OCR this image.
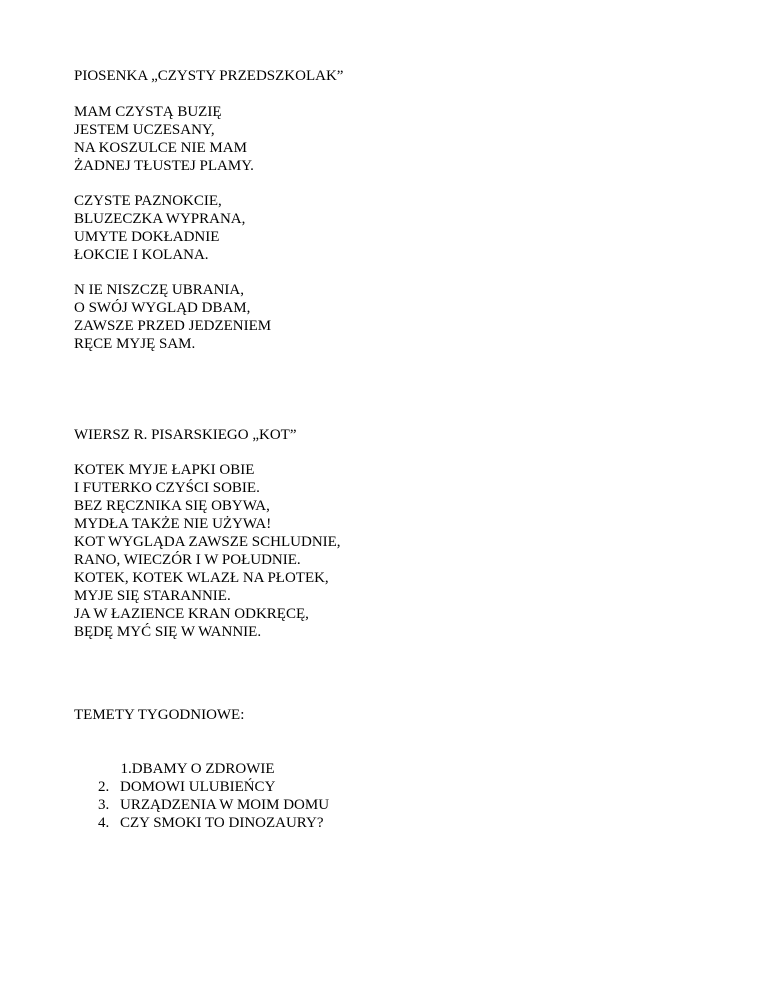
PIOSENKA „CZYSTY PRZEDSZKOLAK”
MAM CZYSTĄ BUZIĘ
JESTEM UCZESANY,
NA KOSZULCE NIE MAM
ŻADNEJ TŁUSTEJ PLAMY.
CZYSTE PAZNOKCIE,
BLUZECZKA WYPRANA,
UMYTE DOKŁADNIE
ŁOKCIE I KOLANA.
N IE NISZCZĘ UBRANIA,
O SWÓJ WYGLĄD DBAM,
ZAWSZE PRZED JEDZENIEM
RĘCE MYJĘ SAM.
WIERSZ R. PISARSKIEGO „KOT”
KOTEK MYJE ŁAPKI OBIE
I FUTERKO CZYŚCI SOBIE.
BEZ RĘCZNIKA SIĘ OBYWA,
MYDŁA TAKŻE NIE UŻYWA!
KOT WYGLĄDA ZAWSZE SCHLUDNIE,
RANO, WIECZÓR I W POŁUDNIE.
KOTEK, KOTEK WLAZŁ NA PŁOTEK,
MYJE SIĘ STARANNIE.
JA W ŁAZIENCE KRAN ODKRĘCĘ,
BĘDĘ MYĆ SIĘ W WANNIE.
TEMETY TYGODNIOWE:

1.DBAMY O ZDROWIE

2. DOMOWI ULUBIEŃCY

3. URZĄDZENIA W MOIM DOMU

4. CZY SMOKI TO DINOZAURY?
